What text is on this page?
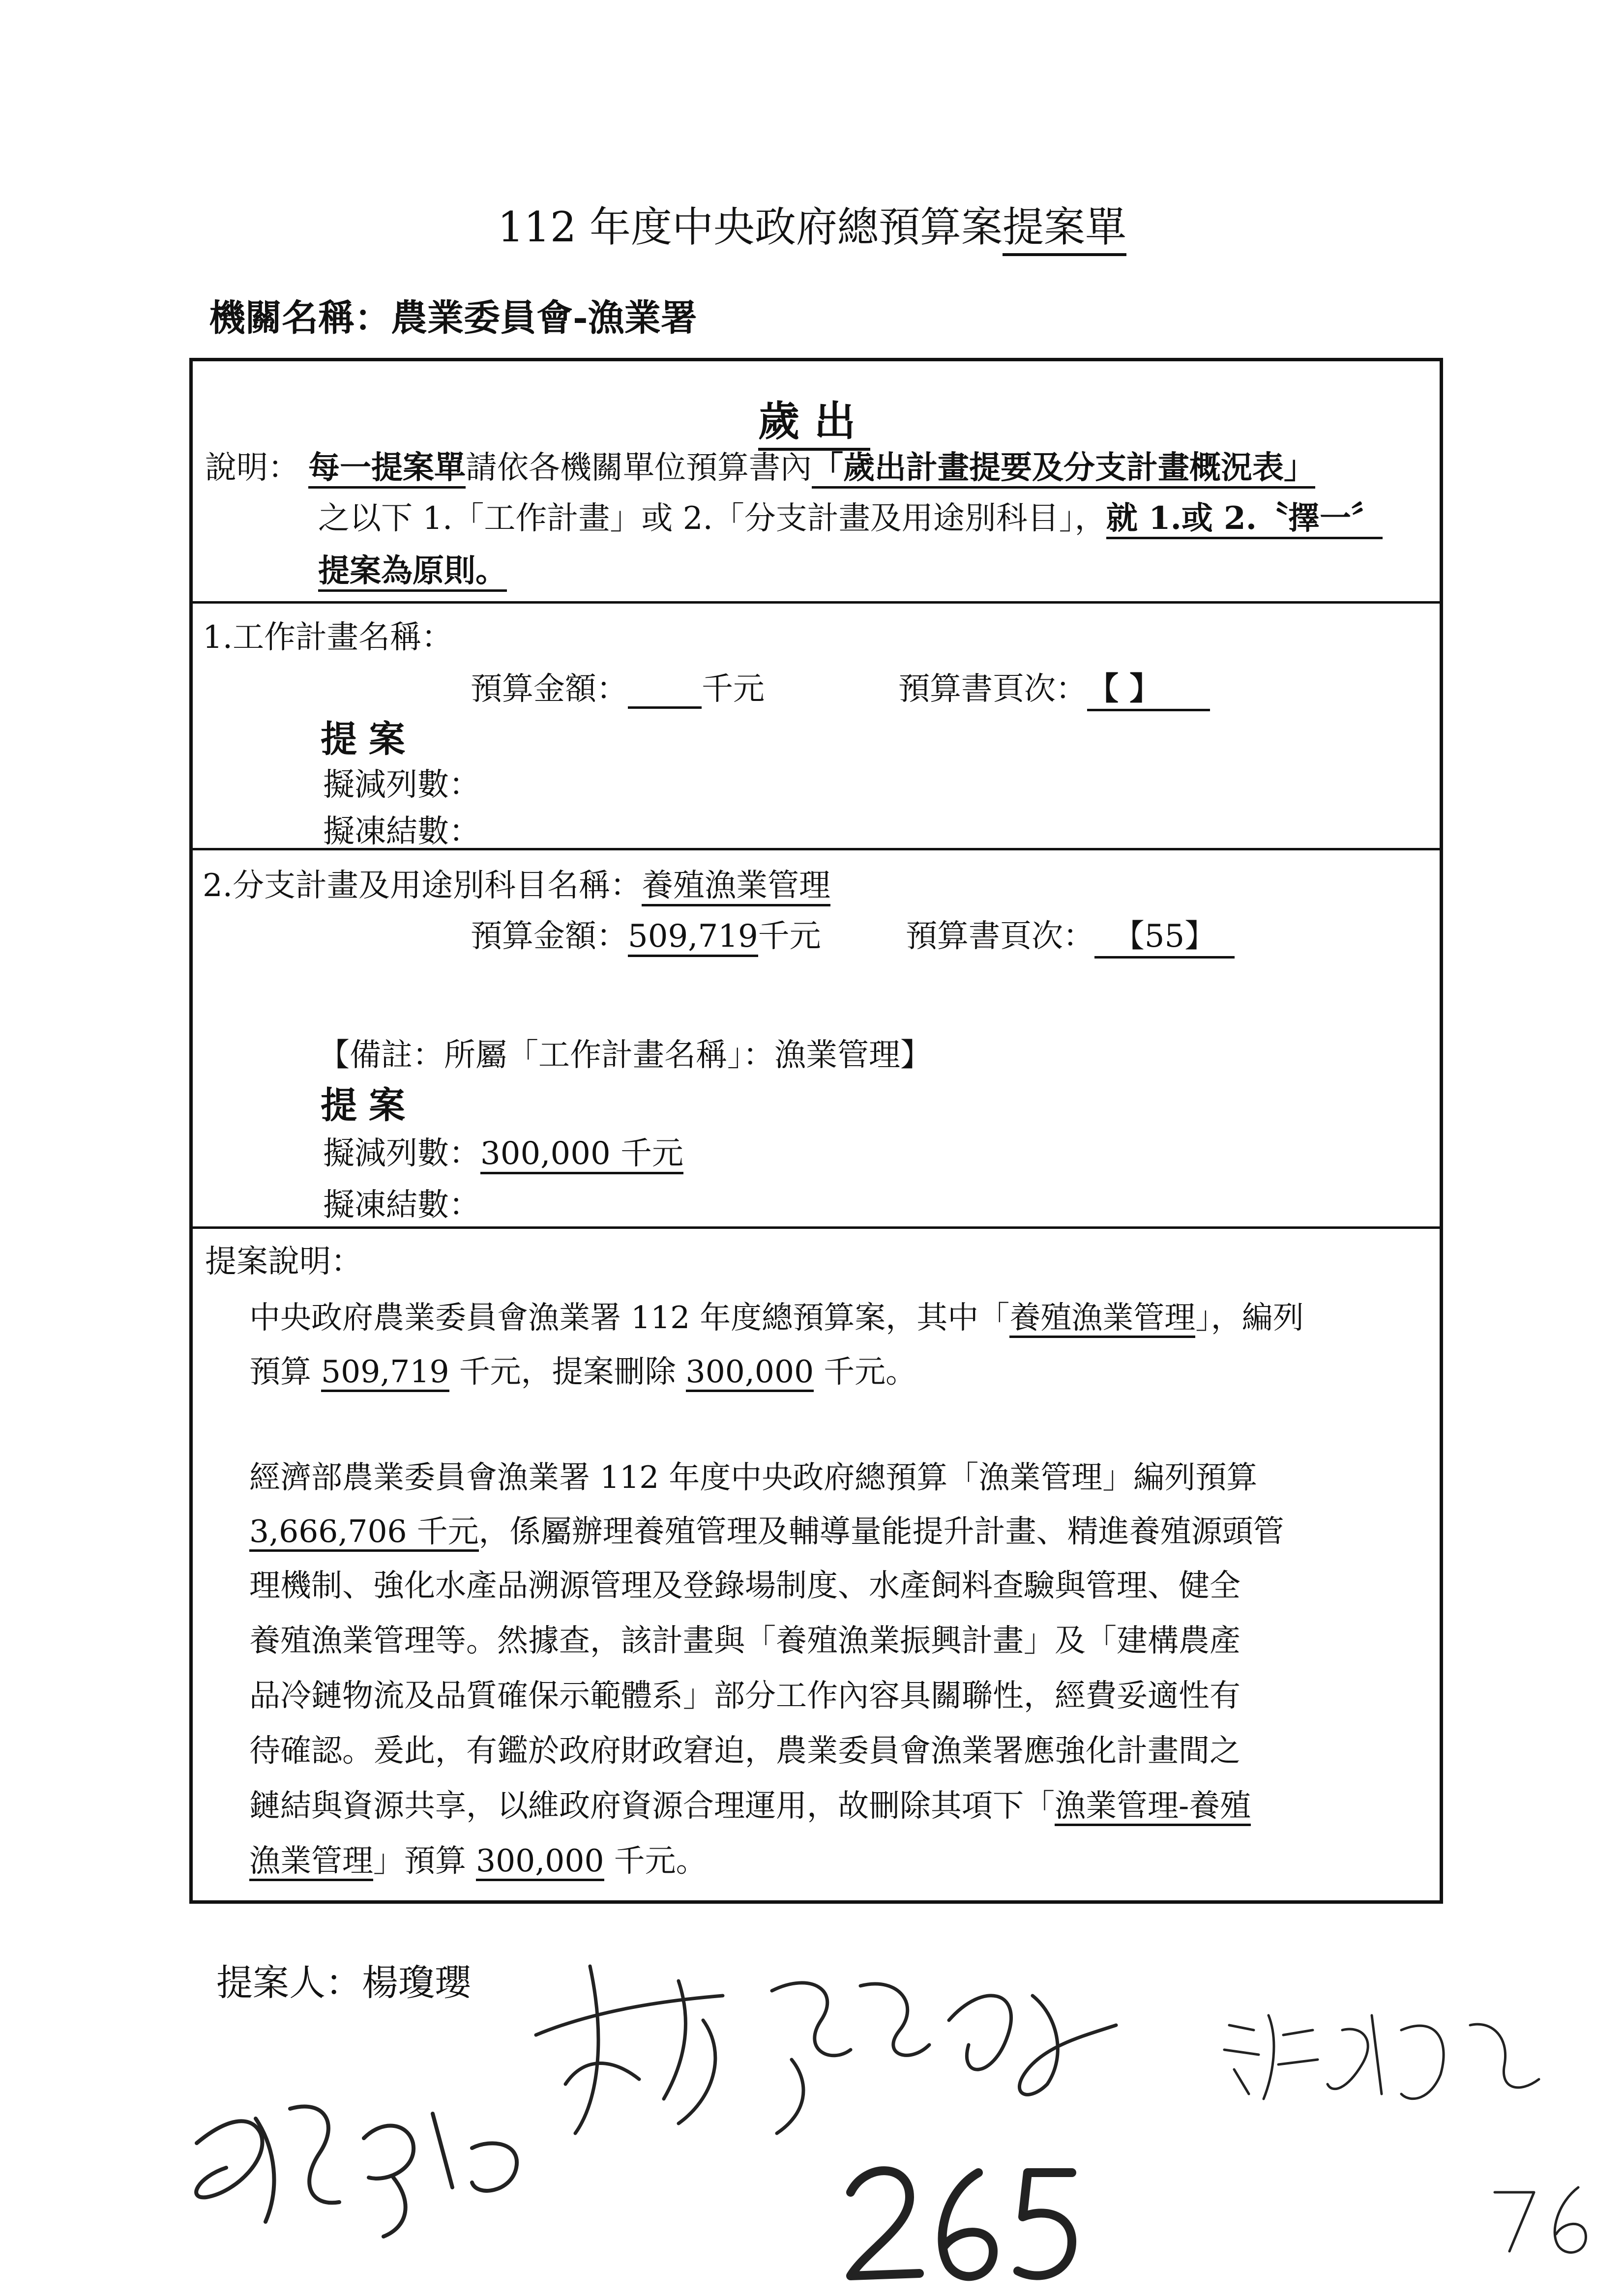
112 年度中央政府總預算案提案單
機關名稱：農業委員會-漁業署
歲出
說明： 每一提案單請依各機關單位預算書內「歲出計畫提要及分支計畫概況表」
之以下 1.「工作計畫」或 2.「分支計畫及用途別科目」，就 1.或 2.〝擇一〞
提案為原則。
1.工作計畫名稱：
預算金額： 千元	預算書頁次：【 】
提案
擬減列數：
擬凍結數：
2.分支計畫及用途別科目名稱：養殖漁業管理
預算金額：509,719千元	預算書頁次： 【55】
【備註：所屬「工作計畫名稱」：漁業管理】
提案
擬減列數：300,000 千元
擬凍結數：
提案說明：
中央政府農業委員會漁業署 112 年度總預算案，其中「養殖漁業管理」，編列
預算 509,719 千元，提案刪除 300,000 千元。
經濟部農業委員會漁業署 112 年度中央政府總預算「漁業管理」編列預算
3,666,706 千元，係屬辦理養殖管理及輔導量能提升計畫、精進養殖源頭管
理機制、強化水產品溯源管理及登錄場制度、水產飼料查驗與管理、健全
養殖漁業管理等。然據查，該計畫與「養殖漁業振興計畫」及「建構農產
品冷鏈物流及品質確保示範體系」部分工作內容具關聯性，經費妥適性有
待確認。爰此，有鑑於政府財政窘迫，農業委員會漁業署應強化計畫間之
鏈結與資源共享，以維政府資源合理運用，故刪除其項下「漁業管理-養殖
漁業管理」預算 300,000 千元。
提案人：楊瓊瓔
